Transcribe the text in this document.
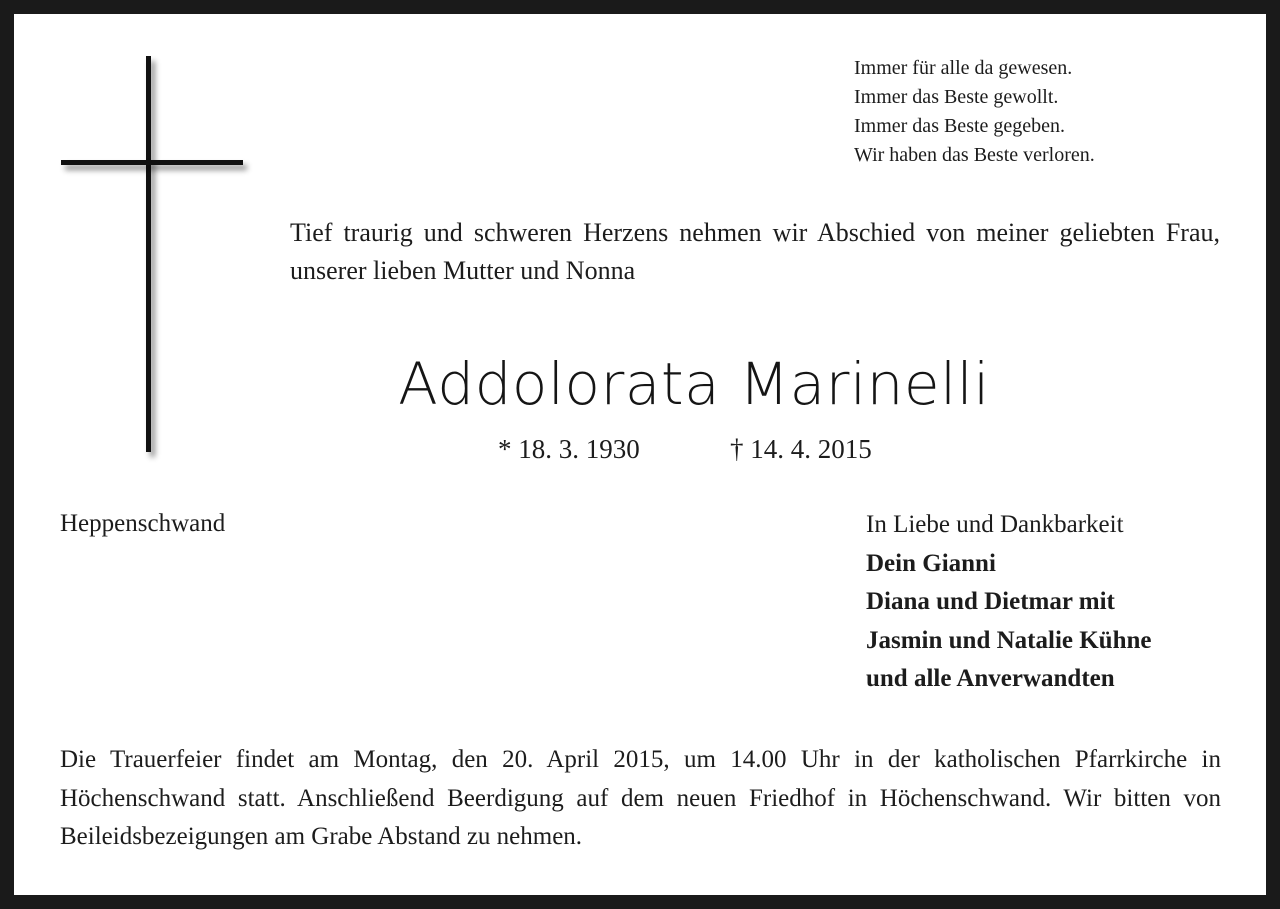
Immer für alle da gewesen.
Immer das Beste gewollt.
Immer das Beste gegeben.
Wir haben das Beste verloren.
Tief traurig und schweren Herzens nehmen wir Abschied von meiner geliebten Frau, unserer lieben Mutter und Nonna
Addolorata Marinelli
* 18. 3. 1930	† 14. 4. 2015
Heppenschwand	In Liebe und Dankbarkeit
Dein Gianni
Diana und Dietmar mit
Jasmin und Natalie Kühne
und alle Anverwandten
Die Trauerfeier findet am Montag, den 20. April 2015, um 14.00 Uhr in der katholischen Pfarrkirche in Höchenschwand statt. Anschließend Beerdigung auf dem neuen Friedhof in Höchenschwand. Wir bitten von Beileidsbezeigungen am Grabe Abstand zu nehmen.
